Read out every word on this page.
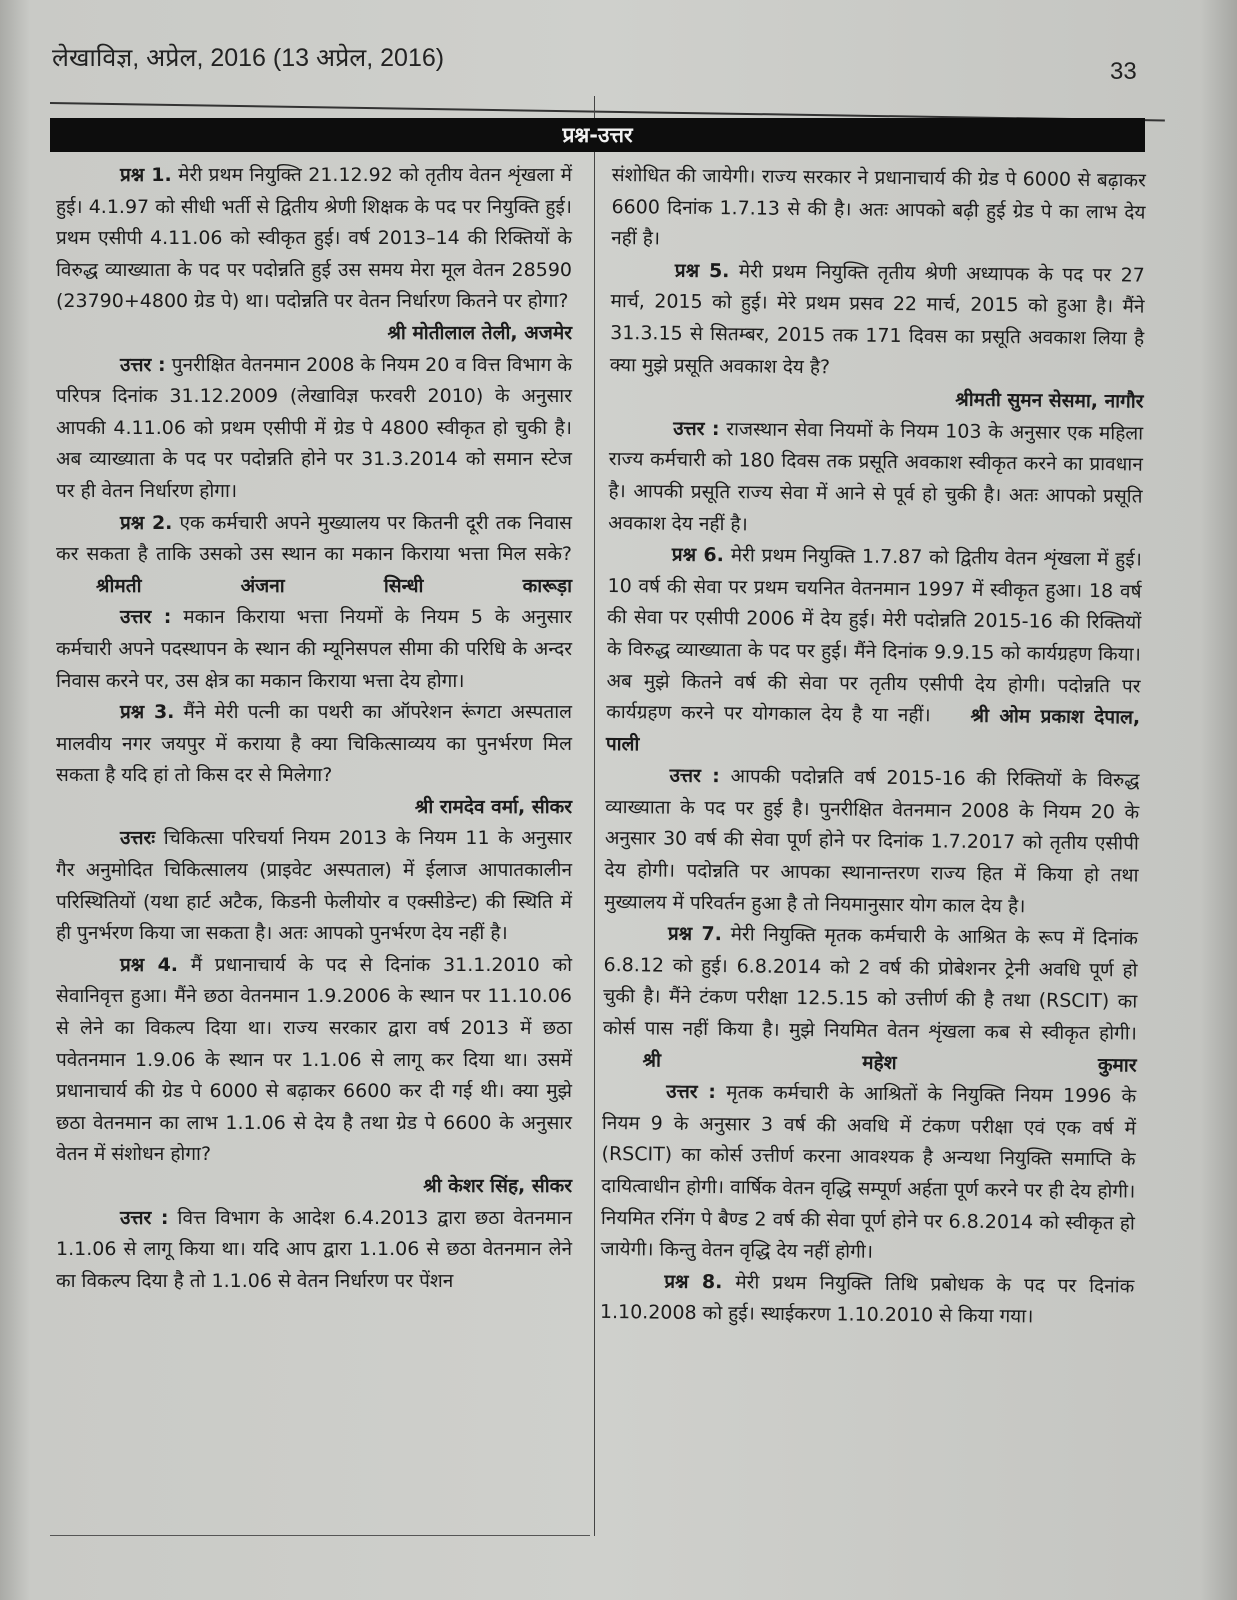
लेखाविज्ञ, अप्रेल, 2016 (13 अप्रेल, 2016)	33
प्रश्न-उत्तर

प्रश्न 1. मेरी प्रथम नियुक्ति 21.12.92 को तृतीय वेतन शृंखला में हुई। 4.1.97 को सीधी भर्ती से द्वितीय श्रेणी शिक्षक के पद पर नियुक्ति हुई। प्रथम एसीपी 4.11.06 को स्वीकृत हुई। वर्ष 2013–14 की रिक्तियों के विरुद्ध व्याख्याता के पद पर पदोन्नति हुई उस समय मेरा मूल वेतन 28590 (23790+4800 ग्रेड पे) था। पदोन्नति पर वेतन निर्धारण कितने पर होगा?

श्री मोतीलाल तेली, अजमेर

उत्तर : पुनरीक्षित वेतनमान 2008 के नियम 20 व वित्त विभाग के परिपत्र दिनांक 31.12.2009 (लेखाविज्ञ फरवरी 2010) के अनुसार आपकी 4.11.06 को प्रथम एसीपी में ग्रेड पे 4800 स्वीकृत हो चुकी है। अब व्याख्याता के पद पर पदोन्नति होने पर 31.3.2014 को समान स्टेज पर ही वेतन निर्धारण होगा।

प्रश्न 2. एक कर्मचारी अपने मुख्यालय पर कितनी दूरी तक निवास कर सकता है ताकि उसको उस स्थान का मकान किराया भत्ता मिल सके?श्रीमती अंजना सिन्धी कारूड़ा

उत्तर : मकान किराया भत्ता नियमों के नियम 5 के अनुसार कर्मचारी अपने पदस्थापन के स्थान की म्यूनिसपल सीमा की परिधि के अन्दर निवास करने पर, उस क्षेत्र का मकान किराया भत्ता देय होगा।

प्रश्न 3. मैंने मेरी पत्नी का पथरी का ऑपरेशन रूंगटा अस्पताल मालवीय नगर जयपुर में कराया है क्या चिकित्साव्यय का पुनर्भरण मिल सकता है यदि हां तो किस दर से मिलेगा?

श्री रामदेव वर्मा, सीकर

उत्तरः चिकित्सा परिचर्या नियम 2013 के नियम 11 के अनुसार गैर अनुमोदित चिकित्सालय (प्राइवेट अस्पताल) में ईलाज आपातकालीन परिस्थितियों (यथा हार्ट अटैक, किडनी फेलीयोर व एक्सीडेन्ट) की स्थिति में ही पुनर्भरण किया जा सकता है। अतः आपको पुनर्भरण देय नहीं है।

प्रश्न 4. मैं प्रधानाचार्य के पद से दिनांक 31.1.2010 को सेवानिवृत्त हुआ। मैंने छठा वेतनमान 1.9.2006 के स्थान पर 11.10.06 से लेने का विकल्प दिया था। राज्य सरकार द्वारा वर्ष 2013 में छठा पवेतनमान 1.9.06 के स्थान पर 1.1.06 से लागू कर दिया था। उसमें प्रधानाचार्य की ग्रेड पे 6000 से बढ़ाकर 6600 कर दी गई थी। क्या मुझे छठा वेतनमान का लाभ 1.1.06 से देय है तथा ग्रेड पे 6600 के अनुसार वेतन में संशोधन होगा?

श्री केशर सिंह, सीकर

उत्तर : वित्त विभाग के आदेश 6.4.2013 द्वारा छठा वेतनमान 1.1.06 से लागू किया था। यदि आप द्वारा 1.1.06 से छठा वेतनमान लेने का विकल्प दिया है तो 1.1.06 से वेतन निर्धारण पर पेंशन

संशोधित की जायेगी। राज्य सरकार ने प्रधानाचार्य की ग्रेड पे 6000 से बढ़ाकर 6600 दिनांक 1.7.13 से की है। अतः आपको बढ़ी हुई ग्रेड पे का लाभ देय नहीं है।

प्रश्न 5. मेरी प्रथम नियुक्ति तृतीय श्रेणी अध्यापक के पद पर 27 मार्च, 2015 को हुई। मेरे प्रथम प्रसव 22 मार्च, 2015 को हुआ है। मैंने 31.3.15 से सितम्बर, 2015 तक 171 दिवस का प्रसूति अवकाश लिया है क्या मुझे प्रसूति अवकाश देय है?

श्रीमती सुमन सेसमा, नागौर

उत्तर : राजस्थान सेवा नियमों के नियम 103 के अनुसार एक महिला राज्य कर्मचारी को 180 दिवस तक प्रसूति अवकाश स्वीकृत करने का प्रावधान है। आपकी प्रसूति राज्य सेवा में आने से पूर्व हो चुकी है। अतः आपको प्रसूति अवकाश देय नहीं है।

प्रश्न 6. मेरी प्रथम नियुक्ति 1.7.87 को द्वितीय वेतन शृंखला में हुई। 10 वर्ष की सेवा पर प्रथम चयनित वेतनमान 1997 में स्वीकृत हुआ। 18 वर्ष की सेवा पर एसीपी 2006 में देय हुई। मेरी पदोन्नति 2015-16 की रिक्तियों के विरुद्ध व्याख्याता के पद पर हुई। मैंने दिनांक 9.9.15 को कार्यग्रहण किया। अब मुझे कितने वर्ष की सेवा पर तृतीय एसीपी देय होगी। पदोन्नति पर कार्यग्रहण करने पर योगकाल देय है या नहीं। श्री ओम प्रकाश देपाल, पाली

उत्तर : आपकी पदोन्नति वर्ष 2015-16 की रिक्तियों के विरुद्ध व्याख्याता के पद पर हुई है। पुनरीक्षित वेतनमान 2008 के नियम 20 के अनुसार 30 वर्ष की सेवा पूर्ण होने पर दिनांक 1.7.2017 को तृतीय एसीपी देय होगी। पदोन्नति पर आपका स्थानान्तरण राज्य हित में किया हो तथा मुख्यालय में परिवर्तन हुआ है तो नियमानुसार योग काल देय है।

प्रश्न 7. मेरी नियुक्ति मृतक कर्मचारी के आश्रित के रूप में दिनांक 6.8.12 को हुई। 6.8.2014 को 2 वर्ष की प्रोबेशनर ट्रेनी अवधि पूर्ण हो चुकी है। मैंने टंकण परीक्षा 12.5.15 को उत्तीर्ण की है तथा (RSCIT) का कोर्स पास नहीं किया है। मुझे नियमित वेतन शृंखला कब से स्वीकृत होगी।श्री महेश कुमार

उत्तर : मृतक कर्मचारी के आश्रितों के नियुक्ति नियम 1996 के नियम 9 के अनुसार 3 वर्ष की अवधि में टंकण परीक्षा एवं एक वर्ष में (RSCIT) का कोर्स उत्तीर्ण करना आवश्यक है अन्यथा नियुक्ति समाप्ति के दायित्वाधीन होगी। वार्षिक वेतन वृद्धि सम्पूर्ण अर्हता पूर्ण करने पर ही देय होगी। नियमित रनिंग पे बैण्ड 2 वर्ष की सेवा पूर्ण होने पर 6.8.2014 को स्वीकृत हो जायेगी। किन्तु वेतन वृद्धि देय नहीं होगी।

प्रश्न 8. मेरी प्रथम नियुक्ति तिथि प्रबोधक के पद पर दिनांक 1.10.2008 को हुई। स्थाईकरण 1.10.2010 से किया गया।
